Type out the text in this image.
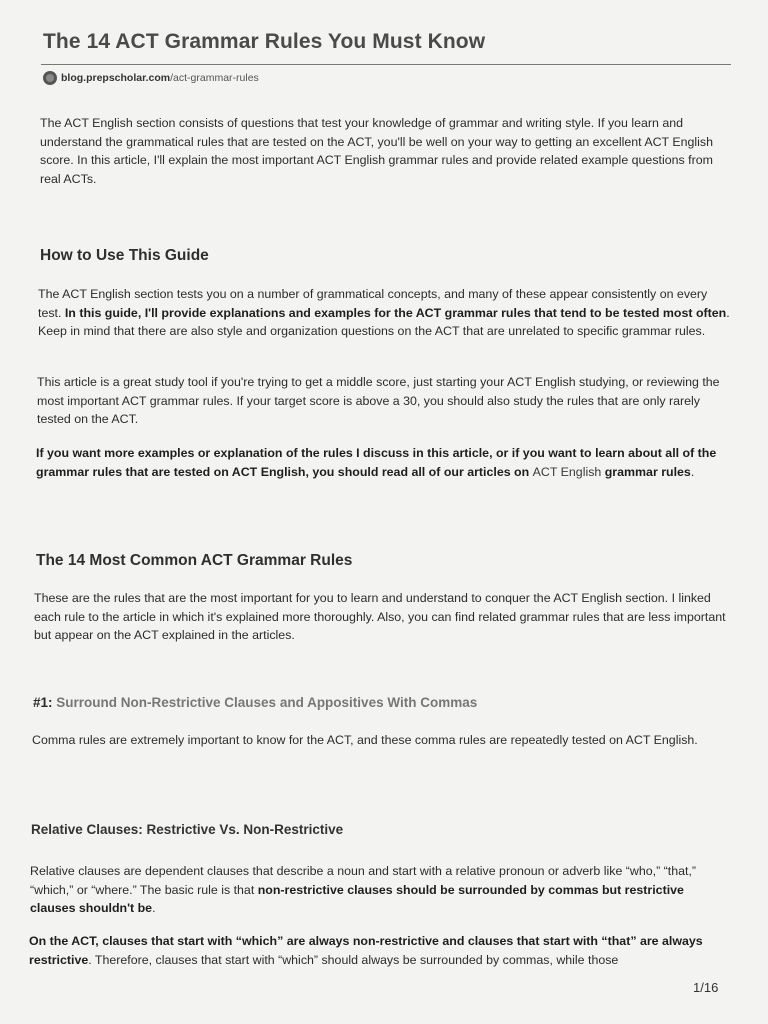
The 14 ACT Grammar Rules You Must Know
blog.prepscholar.com /act-grammar-rules

The ACT English section consists of questions that test your knowledge of grammar and writing style. If you learn and understand the grammatical rules that are tested on the ACT, you'll be well on your way to getting an excellent ACT English score. In this article, I'll explain the most important ACT English grammar rules and provide related example questions from real ACTs.

How to Use This Guide

The ACT English section tests you on a number of grammatical concepts, and many of these appear consistently on every test. In this guide, I'll provide explanations and examples for the ACT grammar rules that tend to be tested most often. Keep in mind that there are also style and organization questions on the ACT that are unrelated to specific grammar rules.

This article is a great study tool if you're trying to get a middle score, just starting your ACT English studying, or reviewing the most important ACT grammar rules. If your target score is above a 30, you should also study the rules that are only rarely tested on the ACT.

If you want more examples or explanation of the rules I discuss in this article, or if you want to learn about all of the grammar rules that are tested on ACT English, you should read all of our articles on ACT English grammar rules.

The 14 Most Common ACT Grammar Rules

These are the rules that are the most important for you to learn and understand to conquer the ACT English section. I linked each rule to the article in which it's explained more thoroughly. Also, you can find related grammar rules that are less important but appear on the ACT explained in the articles.

#1: Surround Non-Restrictive Clauses and Appositives With Commas

Comma rules are extremely important to know for the ACT, and these comma rules are repeatedly tested on ACT English.

Relative Clauses: Restrictive Vs. Non-Restrictive

Relative clauses are dependent clauses that describe a noun and start with a relative pronoun or adverb like “who,” “that,” “which,” or “where.” The basic rule is that non-restrictive clauses should be surrounded by commas but restrictive clauses shouldn't be.

On the ACT, clauses that start with “which” are always non-restrictive and clauses that start with “that” are always restrictive. Therefore, clauses that start with “which” should always be surrounded by commas, while those

1/16
